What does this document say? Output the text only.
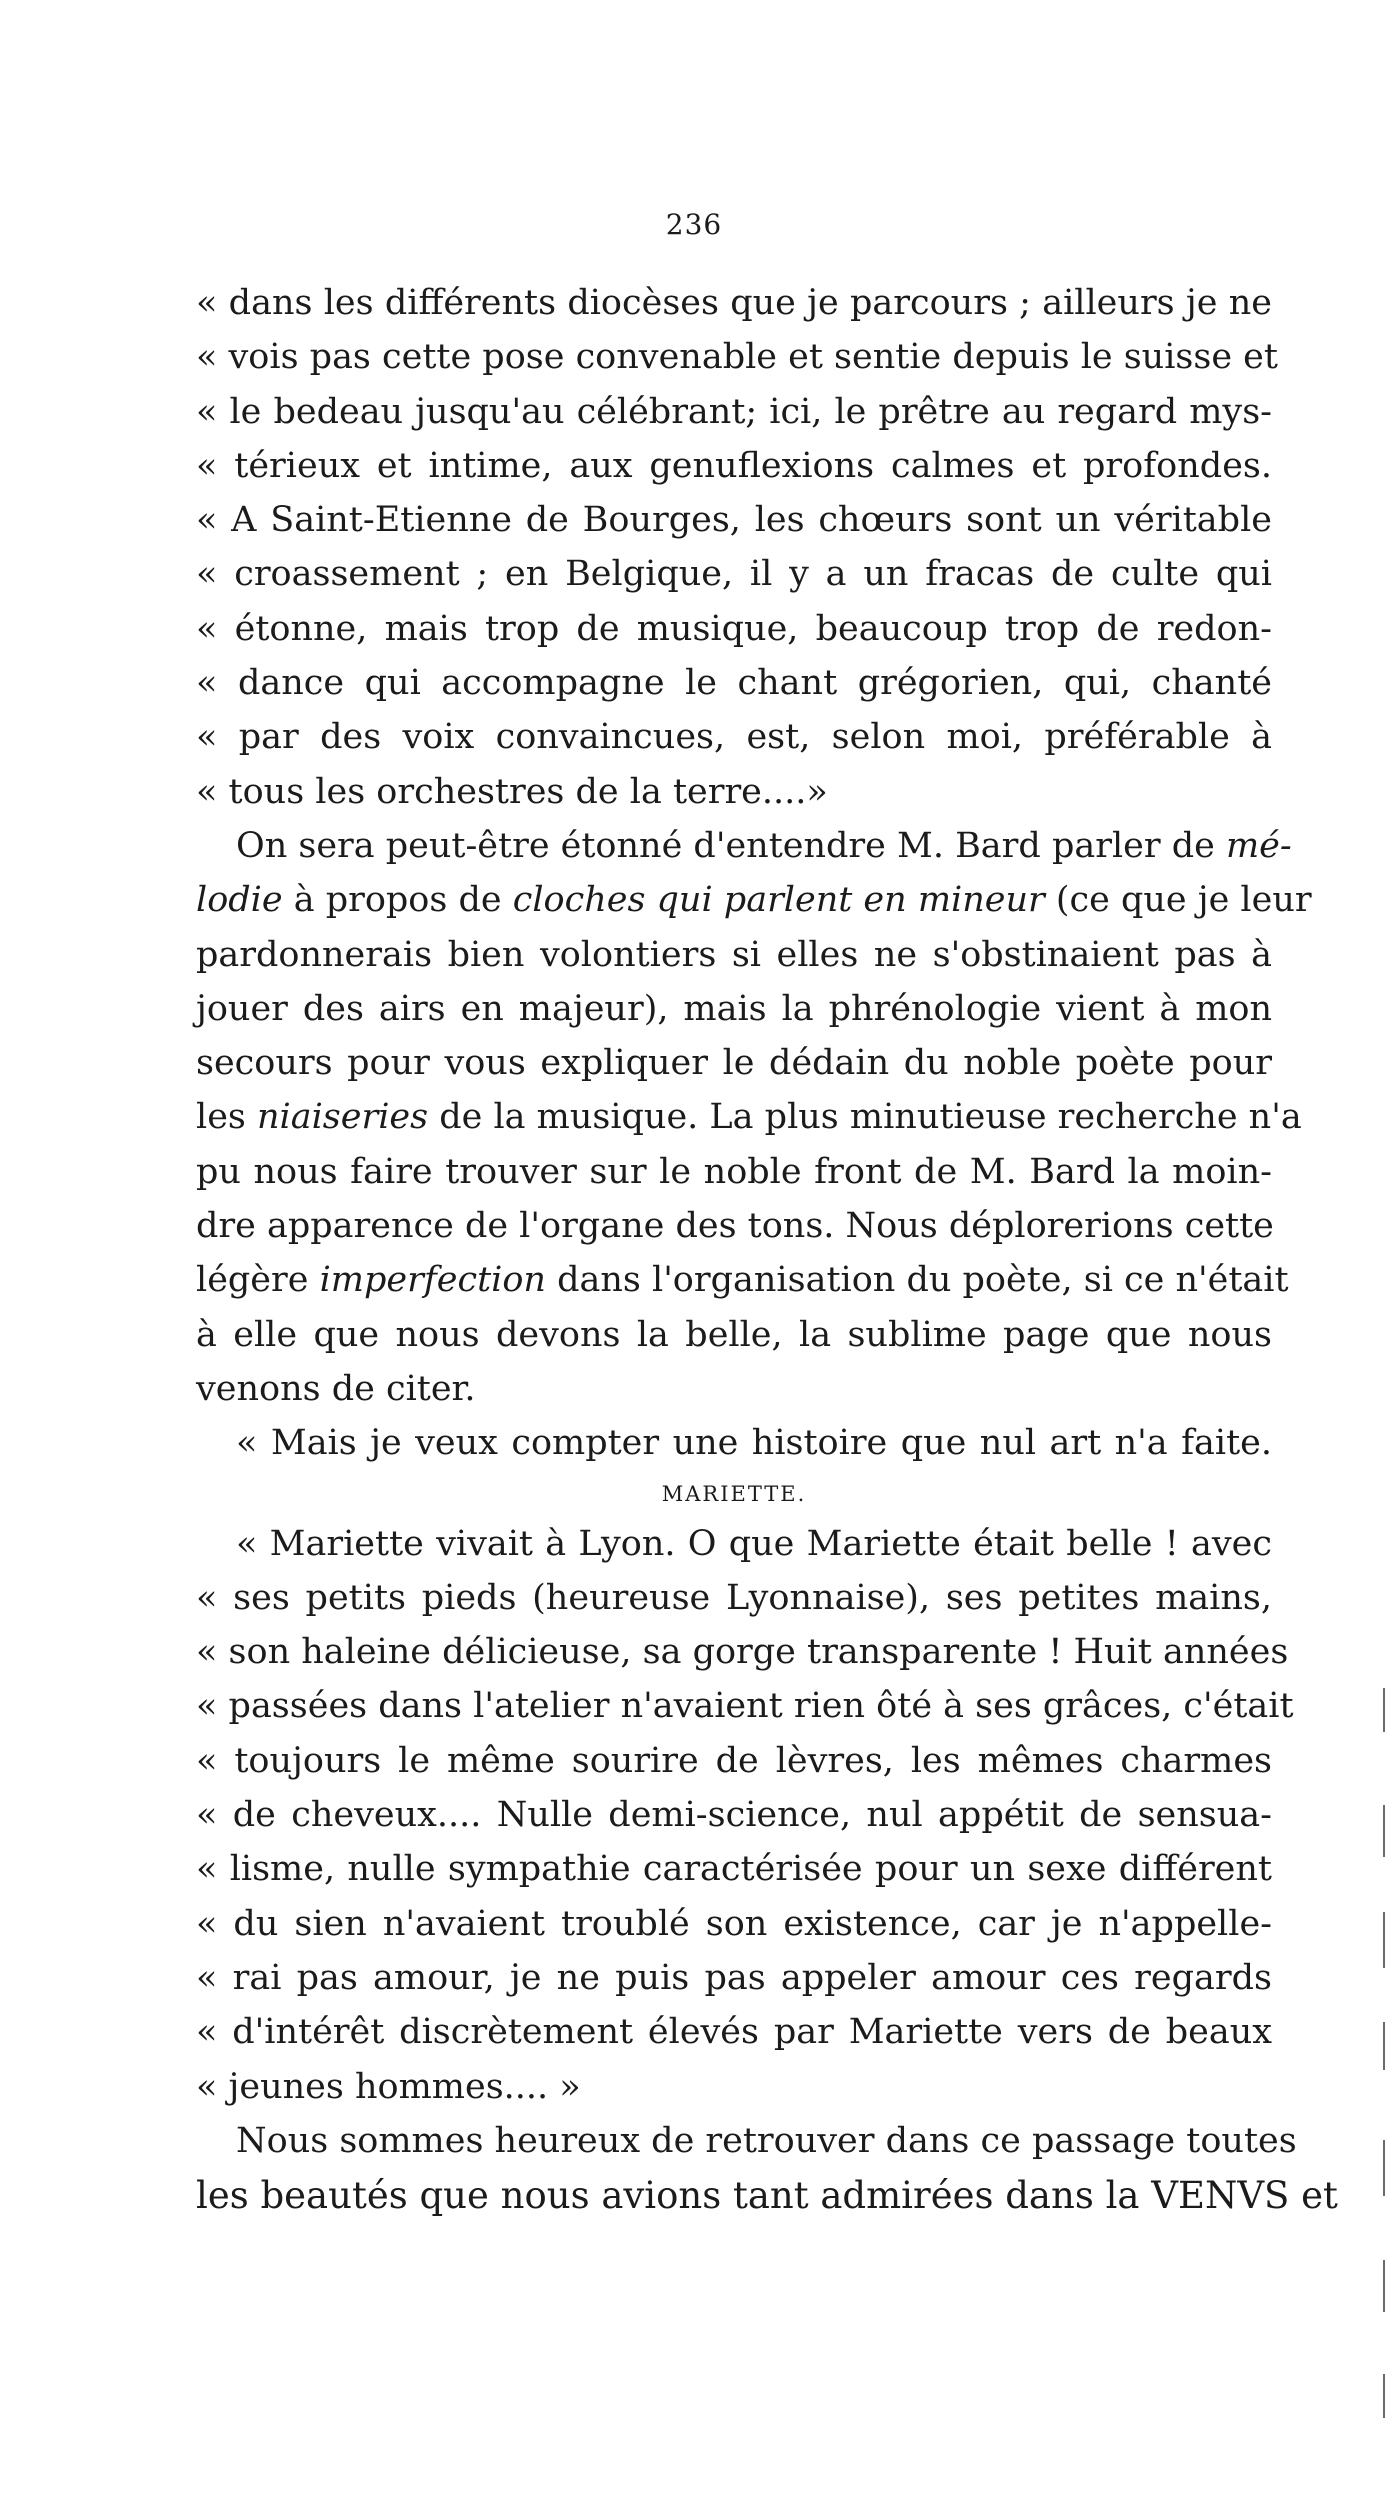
236
« dans les différents diocèses que je parcours ; ailleurs je ne
« vois pas cette pose convenable et sentie depuis le suisse et
« le bedeau jusqu'au célébrant; ici, le prêtre au regard mys-
« térieux et intime, aux genuflexions calmes et profondes.
« A Saint-Etienne de Bourges, les chœurs sont un véritable
« croassement ; en Belgique, il y a un fracas de culte qui
« étonne, mais trop de musique, beaucoup trop de redon-
« dance qui accompagne le chant grégorien, qui, chanté
« par des voix convaincues, est, selon moi, préférable à
« tous les orchestres de la terre....»
On sera peut-être étonné d'entendre M. Bard parler de mé-
lodie à propos de cloches qui parlent en mineur (ce que je leur
pardonnerais bien volontiers si elles ne s'obstinaient pas à
jouer des airs en majeur), mais la phrénologie vient à mon
secours pour vous expliquer le dédain du noble poète pour
les niaiseries de la musique. La plus minutieuse recherche n'a
pu nous faire trouver sur le noble front de M. Bard la moin-
dre apparence de l'organe des tons. Nous déplorerions cette
légère imperfection dans l'organisation du poète, si ce n'était
à elle que nous devons la belle, la sublime page que nous
venons de citer.
« Mais je veux compter une histoire que nul art n'a faite.
MARIETTE.
« Mariette vivait à Lyon. O que Mariette était belle ! avec
« ses petits pieds (heureuse Lyonnaise), ses petites mains,
« son haleine délicieuse, sa gorge transparente ! Huit années
« passées dans l'atelier n'avaient rien ôté à ses grâces, c'était
« toujours le même sourire de lèvres, les mêmes charmes
« de cheveux.... Nulle demi-science, nul appétit de sensua-
« lisme, nulle sympathie caractérisée pour un sexe différent
« du sien n'avaient troublé son existence, car je n'appelle-
« rai pas amour, je ne puis pas appeler amour ces regards
« d'intérêt discrètement élevés par Mariette vers de beaux
« jeunes hommes.... »
Nous sommes heureux de retrouver dans ce passage toutes
les beautés que nous avions tant admirées dans la VENVS et
